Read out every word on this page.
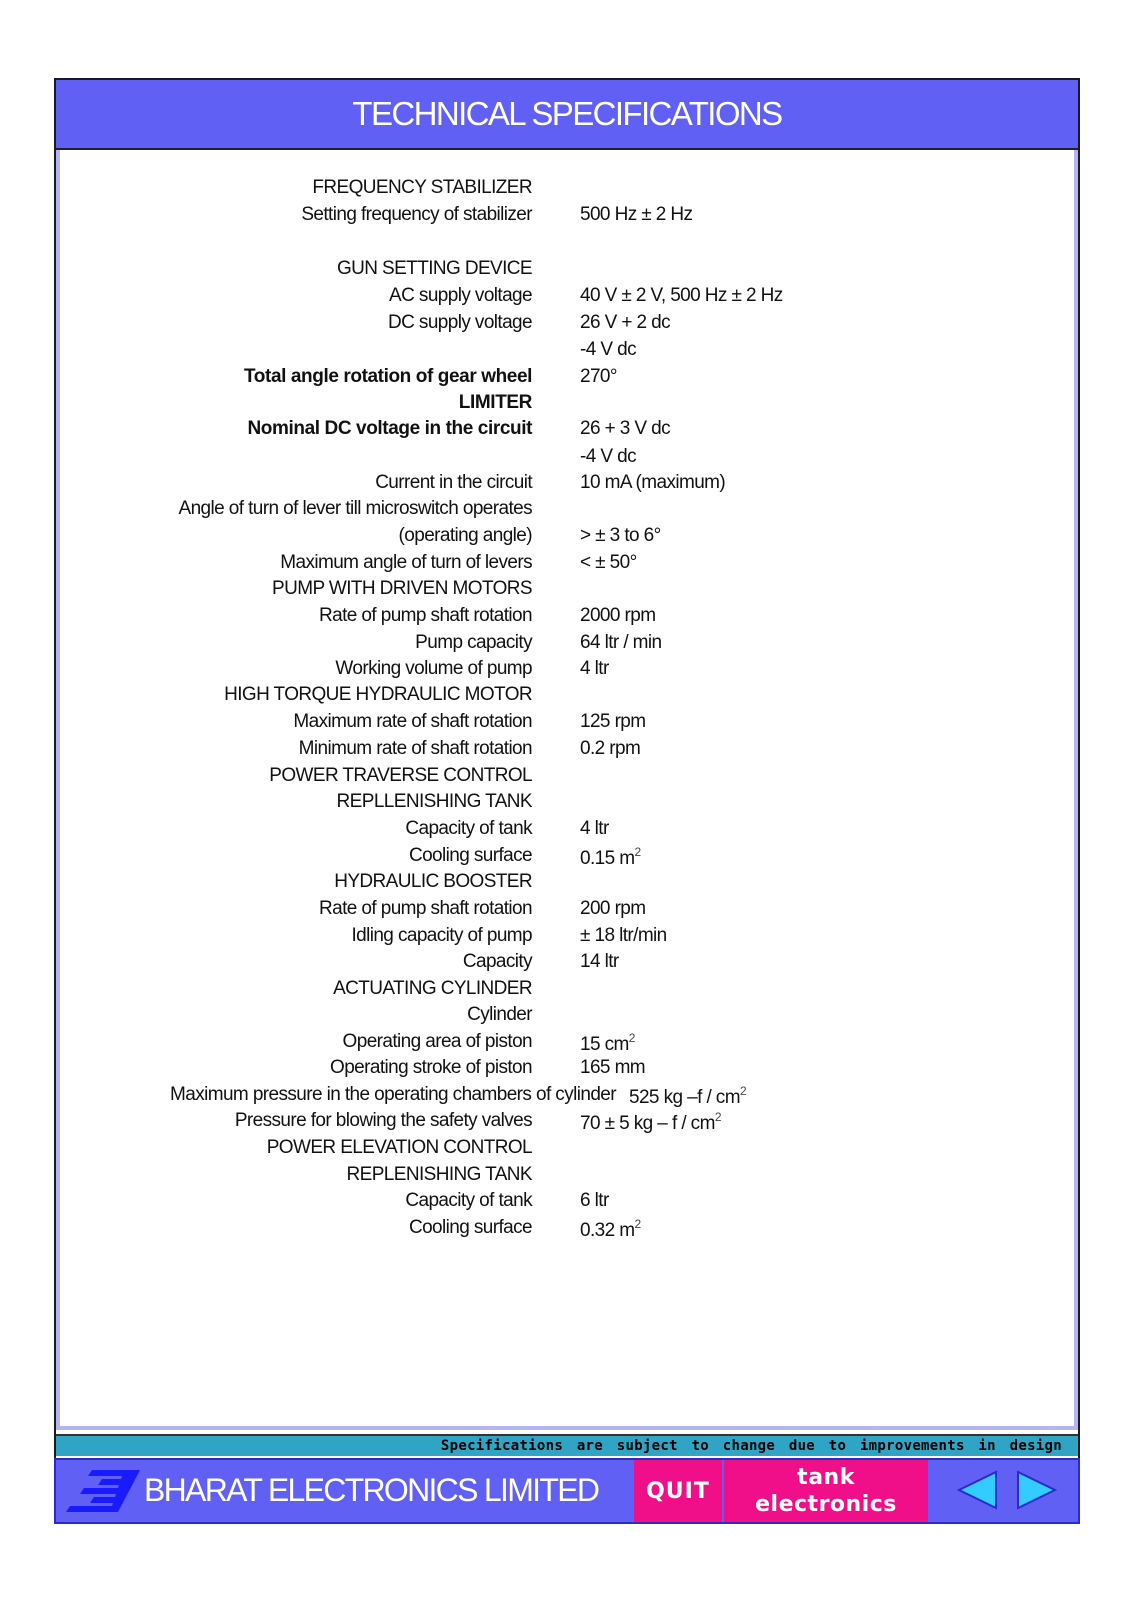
TECHNICAL SPECIFICATIONS
FREQUENCY STABILIZER
Setting frequency of stabilizer	500 Hz ± 2 Hz
GUN SETTING DEVICE
AC supply voltage	40 V ± 2 V, 500 Hz ± 2 Hz
DC supply voltage	26 V + 2 dc
-4 V dc
Total angle rotation of gear wheel	270°
LIMITER
Nominal DC voltage in the circuit	26 + 3 V dc
-4 V dc
Current in the circuit	10 mA (maximum)
Angle of turn of lever till microswitch operates
(operating angle)	> ± 3 to 6°
Maximum angle of turn of levers	< ± 50°
PUMP WITH DRIVEN MOTORS
Rate of pump shaft rotation	2000 rpm
Pump capacity	64 ltr / min
Working volume of pump	4 ltr
HIGH TORQUE HYDRAULIC MOTOR
Maximum rate of shaft rotation	125 rpm
Minimum rate of shaft rotation	0.2 rpm
POWER TRAVERSE CONTROL
REPLLENISHING TANK
Capacity of tank	4 ltr
Cooling surface	0.15 $m^2$
HYDRAULIC BOOSTER
Rate of pump shaft rotation	200 rpm
Idling capacity of pump	± 18 ltr/min
Capacity	14 ltr
ACTUATING CYLINDER
Cylinder
Operating area of piston	15 $cm^2$
Operating stroke of piston	165 mm
Maximum pressure in the operating chambers of cylinder 525 kg $-f / cm^2$
Pressure for blowing the safety valves	70 ± 5 kg – f / $cm^2$
POWER ELEVATION CONTROL
REPLENISHING TANK
Capacity of tank	6 ltr
Cooling surface	0.32 $m^2$
Specifications are subject to change due to improvements in design
BHARAT ELECTRONICS LIMITED QUIT
tank
electronics
